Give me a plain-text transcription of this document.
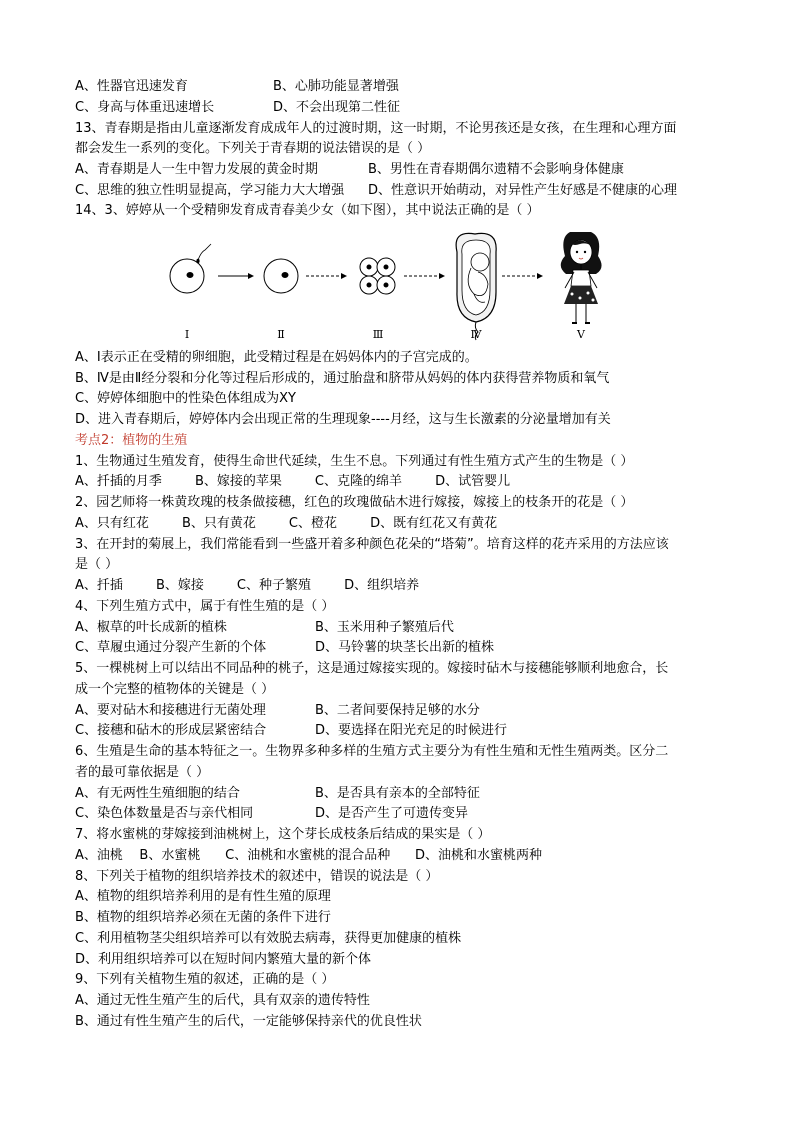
A、性器官迅速发育	B、心肺功能显著增强
C、身高与体重迅速增长	D、不会出现第二性征
13、青春期是指由儿童逐渐发育成成年人的过渡时期，这一时期，不论男孩还是女孩，在生理和心理方面
都会发生一系列的变化。下列关于青春期的说法错误的是（ ）
A、青春期是人一生中智力发展的黄金时期	B、男性在青春期偶尔遗精不会影响身体健康
C、思维的独立性明显提高，学习能力大大增强	D、性意识开始萌动，对异性产生好感是不健康的心理
14、3、婷婷从一个受精卵发育成青春美少女（如下图），其中说法正确的是（ ）
Ⅰ	Ⅱ	Ⅲ	Ⅳ	Ⅴ
A、Ⅰ表示正在受精的卵细胞，此受精过程是在妈妈体内的子宫完成的。
B、Ⅳ是由Ⅱ经分裂和分化等过程后形成的，通过胎盘和脐带从妈妈的体内获得营养物质和氧气
C、婷婷体细胞中的性染色体组成为XY
D、进入青春期后，婷婷体内会出现正常的生理现象----月经，这与生长激素的分泌量增加有关
考点2：植物的生殖
1、生物通过生殖发育，使得生命世代延续，生生不息。下列通过有性生殖方式产生的生物是（ ）
A、扦插的月季        B、嫁接的苹果        C、克隆的绵羊        D、试管婴儿
2、园艺师将一株黄玫瑰的枝条做接穗，红色的玫瑰做砧木进行嫁接，嫁接上的枝条开的花是（ ）
A、只有红花        B、只有黄花        C、橙花        D、既有红花又有黄花
3、在开封的菊展上，我们常能看到一些盛开着多种颜色花朵的“塔菊”。培育这样的花卉采用的方法应该
是（ ）
A、扦插        B、嫁接        C、种子繁殖        D、组织培养
4、下列生殖方式中，属于有性生殖的是（ ）
A、椒草的叶长成新的植株	B、玉米用种子繁殖后代
C、草履虫通过分裂产生新的个体	D、马铃薯的块茎长出新的植株
5、一棵桃树上可以结出不同品种的桃子，这是通过嫁接实现的。嫁接时砧木与接穗能够顺利地愈合，长
成一个完整的植物体的关键是（ ）
A、要对砧木和接穗进行无菌处理	B、二者间要保持足够的水分
C、接穗和砧木的形成层紧密结合	D、要选择在阳光充足的时候进行
6、生殖是生命的基本特征之一。生物界多种多样的生殖方式主要分为有性生殖和无性生殖两类。区分二
者的最可靠依据是（ ）
A、有无两性生殖细胞的结合	B、是否具有亲本的全部特征
C、染色体数量是否与亲代相同	D、是否产生了可遗传变异
7、将水蜜桃的芽嫁接到油桃树上，这个芽长成枝条后结成的果实是（ ）
A、油桃    B、水蜜桃      C、油桃和水蜜桃的混合品种      D、油桃和水蜜桃两种
8、下列关于植物的组织培养技术的叙述中，错误的说法是（ ）
A、植物的组织培养利用的是有性生殖的原理
B、植物的组织培养必须在无菌的条件下进行
C、利用植物茎尖组织培养可以有效脱去病毒，获得更加健康的植株
D、利用组织培养可以在短时间内繁殖大量的新个体
9、下列有关植物生殖的叙述，正确的是（ ）
A、通过无性生殖产生的后代，具有双亲的遗传特性
B、通过有性生殖产生的后代，一定能够保持亲代的优良性状
